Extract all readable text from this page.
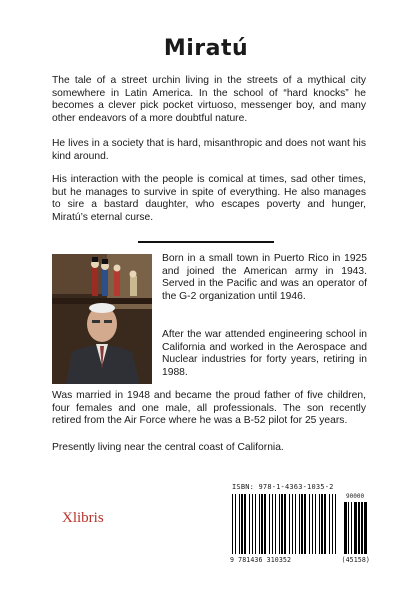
Miratú

The tale of a street urchin living in the streets of a mythical city somewhere in Latin America. In the school of “hard knocks” he becomes a clever pick pocket virtuoso, messenger boy, and many other endeavors of a more doubtful nature.

He lives in a society that is hard, misanthropic and does not want his kind around.

His interaction with the people is comical at times, sad other times, but he manages to survive in spite of everything. He also manages to sire a bastard daughter, who escapes poverty and hunger, Miratú’s eternal curse.

Born in a small town in Puerto Rico in 1925 and joined the American army in 1943. Served in the Pacific and was an operator of the G-2 organization until 1946.

After the war attended engineering school in California and worked in the Aerospace and Nuclear industries for forty years, retiring in 1988.

Was married in 1948 and became the proud father of five children, four females and one male, all professionals. The son recently retired from the Air Force where he was a B-52 pilot for 25 years.

Presently living near the central coast of California.

Xlibris
ISBN: 978-1-4363-1035-2
90000
9 781436 310352	(45158)
